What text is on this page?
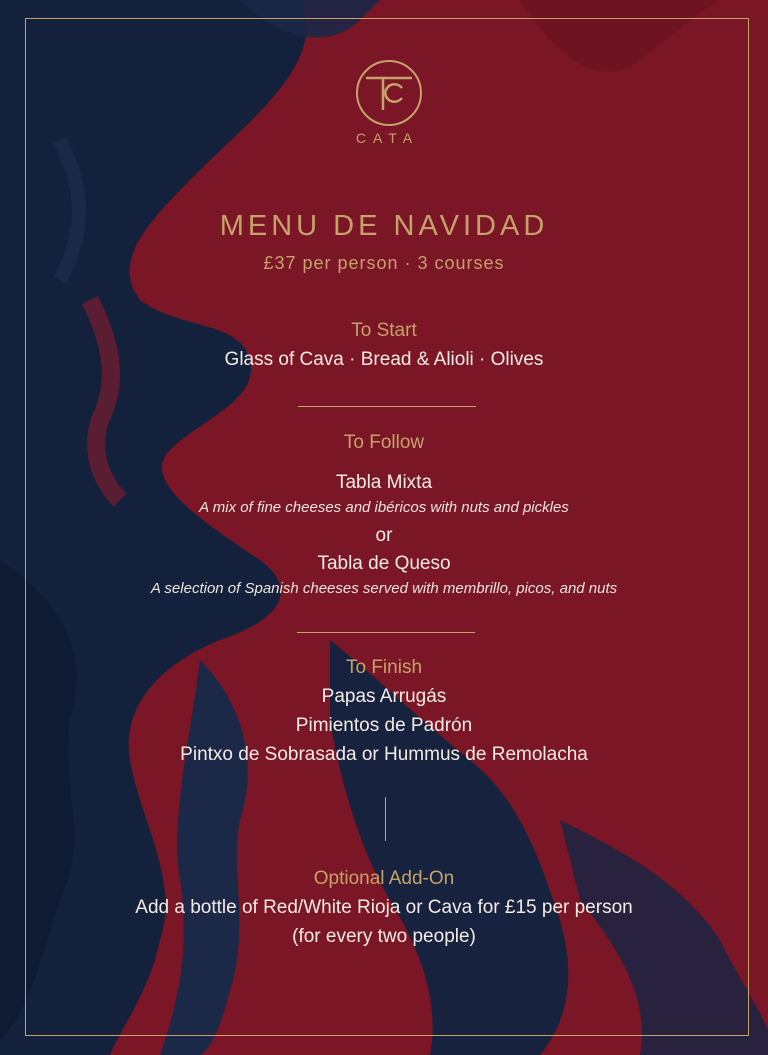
CATA
MENU DE NAVIDAD
£37 per person · 3 courses
To Start
Glass of Cava · Bread & Alioli · Olives
To Follow
Tabla Mixta
A mix of fine cheeses and ibéricos with nuts and pickles
or
Tabla de Queso
A selection of Spanish cheeses served with membrillo, picos, and nuts
To Finish
Papas Arrugás
Pimientos de Padrón
Pintxo de Sobrasada or Hummus de Remolacha
Optional Add-On
Add a bottle of Red/White Rioja or Cava for £15 per person
(for every two people)
